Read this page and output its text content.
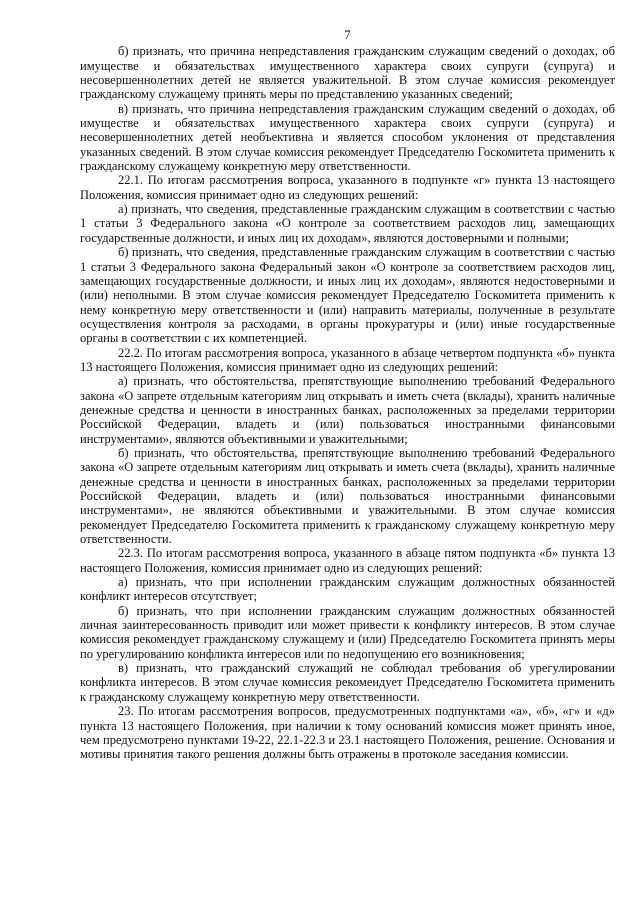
7

б) признать, что причина непредставления гражданским служащим сведений о доходах, об имуществе и обязательствах имущественного характера своих супруги (супруга) и несовершеннолетних детей не является уважительной. В этом случае комиссия рекомендует гражданскому служащему принять меры по представлению указанных сведений;

в) признать, что причина непредставления гражданским служащим сведений о доходах, об имуществе и обязательствах имущественного характера своих супруги (супруга) и несовершеннолетних детей необъективна и является способом уклонения от представления указанных сведений. В этом случае комиссия рекомендует Председателю Госкомитета применить к гражданскому служащему конкретную меру ответственности.

22.1. По итогам рассмотрения вопроса, указанного в подпункте «г» пункта 13 настоящего Положения, комиссия принимает одно из следующих решений:

а) признать, что сведения, представленные гражданским служащим в соответствии с частью 1 статьи 3 Федерального закона «О контроле за соответствием расходов лиц, замещающих государственные должности, и иных лиц их доходам», являются достоверными и полными;

б) признать, что сведения, представленные гражданским служащим в соответствии с частью 1 статьи 3 Федерального закона Федеральный закон «О контроле за соответствием расходов лиц, замещающих государственные должности, и иных лиц их доходам», являются недостоверными и (или) неполными. В этом случае комиссия рекомендует Председателю Госкомитета применить к нему конкретную меру ответственности и (или) направить материалы, полученные в результате осуществления контроля за расходами, в органы прокуратуры и (или) иные государственные органы в соответствии с их компетенцией.

22.2. По итогам рассмотрения вопроса, указанного в абзаце четвертом подпункта «б» пункта 13 настоящего Положения, комиссия принимает одно из следующих решений:

а) признать, что обстоятельства, препятствующие выполнению требований Федерального закона «О запрете отдельным категориям лиц открывать и иметь счета (вклады), хранить наличные денежные средства и ценности в иностранных банках, расположенных за пределами территории Российской Федерации, владеть и (или) пользоваться иностранными финансовыми инструментами», являются объективными и уважительными;

б) признать, что обстоятельства, препятствующие выполнению требований Федерального закона «О запрете отдельным категориям лиц открывать и иметь счета (вклады), хранить наличные денежные средства и ценности в иностранных банках, расположенных за пределами территории Российской Федерации, владеть и (или) пользоваться иностранными финансовыми инструментами», не являются объективными и уважительными. В этом случае комиссия рекомендует Председателю Госкомитета применить к гражданскому служащему конкретную меру ответственности.

22.3. По итогам рассмотрения вопроса, указанного в абзаце пятом подпункта «б» пункта 13 настоящего Положения, комиссия принимает одно из следующих решений:

а) признать, что при исполнении гражданским служащим должностных обязанностей конфликт интересов отсутствует;

б) признать, что при исполнении гражданским служащим должностных обязанностей личная заинтересованность приводит или может привести к конфликту интересов. В этом случае комиссия рекомендует гражданскому служащему и (или) Председателю Госкомитета принять меры по урегулированию конфликта интересов или по недопущению его возникновения;

в) признать, что гражданский служащий не соблюдал требования об урегулировании конфликта интересов. В этом случае комиссия рекомендует Председателю Госкомитета применить к гражданскому служащему конкретную меру ответственности.

23. По итогам рассмотрения вопросов, предусмотренных подпунктами «а», «б», «г» и «д» пункта 13 настоящего Положения, при наличии к тому оснований комиссия может принять иное, чем предусмотрено пунктами 19-22, 22.1-22.3 и 23.1 настоящего Положения, решение. Основания и мотивы принятия такого решения должны быть отражены в протоколе заседания комиссии.
